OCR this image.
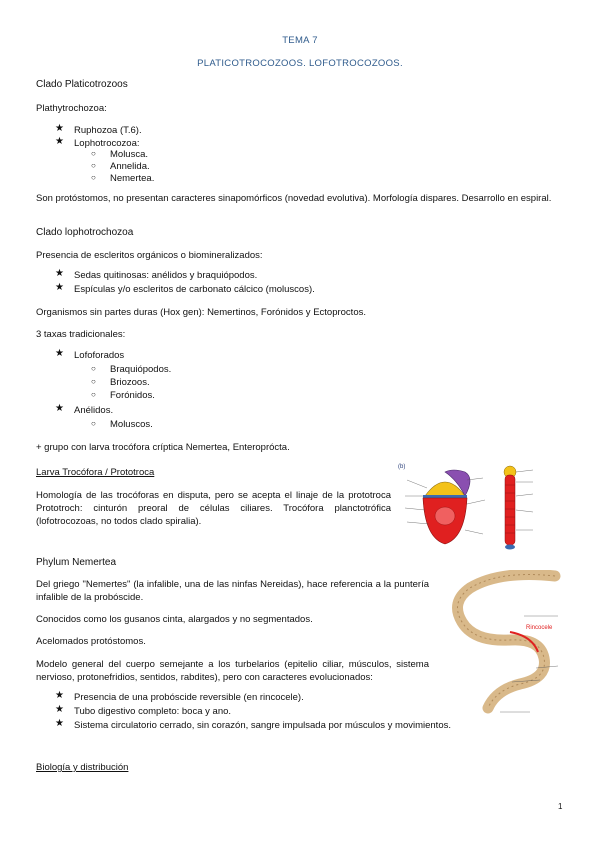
TEMA 7
PLATICOTROCOZOOS. LOFOTROCOZOOS.
Clado Platicotrozoos
Plathytrochozoa:
★ Ruphozoa (T.6).
★ Lophotrocozoa:
○ Molusca.
○ Annelida.
○ Nemertea.
Son protóstomos, no presentan caracteres sinapomórficos (novedad evolutiva). Morfología dispares. Desarrollo en espiral.
Clado lophotrochozoa
Presencia de escleritos orgánicos o biomineralizados:
★ Sedas quitinosas: anélidos y braquiópodos.
★ Espículas y/o escleritos de carbonato cálcico (moluscos).
Organismos sin partes duras (Hox gen): Nemertinos, Forónidos y Ectoproctos.
3 taxas tradicionales:
★ Lofoforados
○ Braquiópodos.
○ Briozoos.
○ Forónidos.
★ Anélidos.
○ Moluscos.
+ grupo con larva trocófora críptica Nemertea, Enteroprócta.
Larva Trocófora / Prototroca
Homología de las trocóforas en disputa, pero se acepta el linaje de la prototroca Prototroch: cinturón preoral de células ciliares. Trocófora planctotrófica (lofotrocozoas, no todos clado spiralia).
(b)
Phylum Nemertea
Del griego "Nemertes" (la infalible, una de las ninfas Nereidas), hace referencia a la puntería infalible de la probóscide.
Conocidos como los gusanos cinta, alargados y no segmentados.
Acelomados protóstomos.
Modelo general del cuerpo semejante a los turbelarios (epitelio ciliar, músculos, sistema nervioso, protonefridios, sentidos, rabdites), pero con caracteres evolucionados:
★ Presencia de una probóscide reversible (en rincocele).
★ Tubo digestivo completo: boca y ano.
★ Sistema circulatorio cerrado, sin corazón, sangre impulsada por músculos y movimientos.
Biología y distribución
Rincocele
1
